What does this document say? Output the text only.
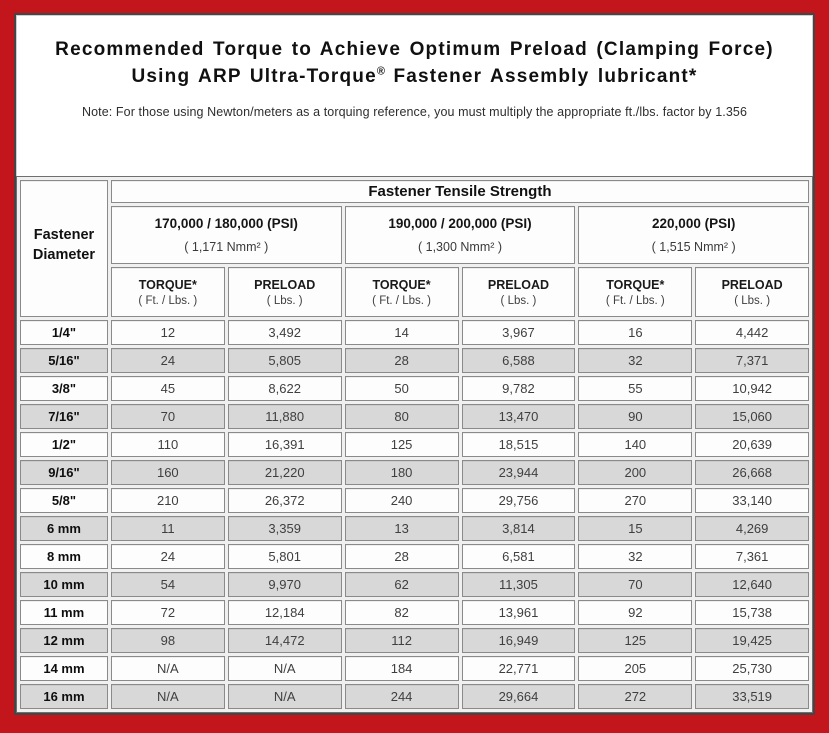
Recommended Torque to Achieve Optimum Preload (Clamping Force)
Using ARP Ultra-Torque® Fastener Assembly lubricant*
Note: For those using Newton/meters as a torquing reference, you must multiply the appropriate ft./lbs. factor by 1.356
Fastener
Diameter	Fastener Tensile Strength					

170,000 / 180,000 (PSI)
( 1,171 Nmm² )

190,000 / 200,000 (PSI)
( 1,300 Nmm² )

220,000 (PSI)
( 1,515 Nmm² )

TORQUE*
( Ft. / Lbs. )

PRELOAD
( Lbs. )

TORQUE*
( Ft. / Lbs. )

PRELOAD
( Lbs. )

TORQUE*
( Ft. / Lbs. )

PRELOAD
( Lbs. )

1/4"	12	3,492	14	3,967	16	4,442
5/16"	24	5,805	28	6,588	32	7,371
3/8"	45	8,622	50	9,782	55	10,942
7/16"	70	11,880	80	13,470	90	15,060
1/2"	110	16,391	125	18,515	140	20,639
9/16"	160	21,220	180	23,944	200	26,668
5/8"	210	26,372	240	29,756	270	33,140
6 mm	11	3,359	13	3,814	15	4,269
8 mm	24	5,801	28	6,581	32	7,361
10 mm	54	9,970	62	11,305	70	12,640
11 mm	72	12,184	82	13,961	92	15,738
12 mm	98	14,472	112	16,949	125	19,425
14 mm	N/A	N/A	184	22,771	205	25,730
16 mm	N/A	N/A	244	29,664	272	33,519
